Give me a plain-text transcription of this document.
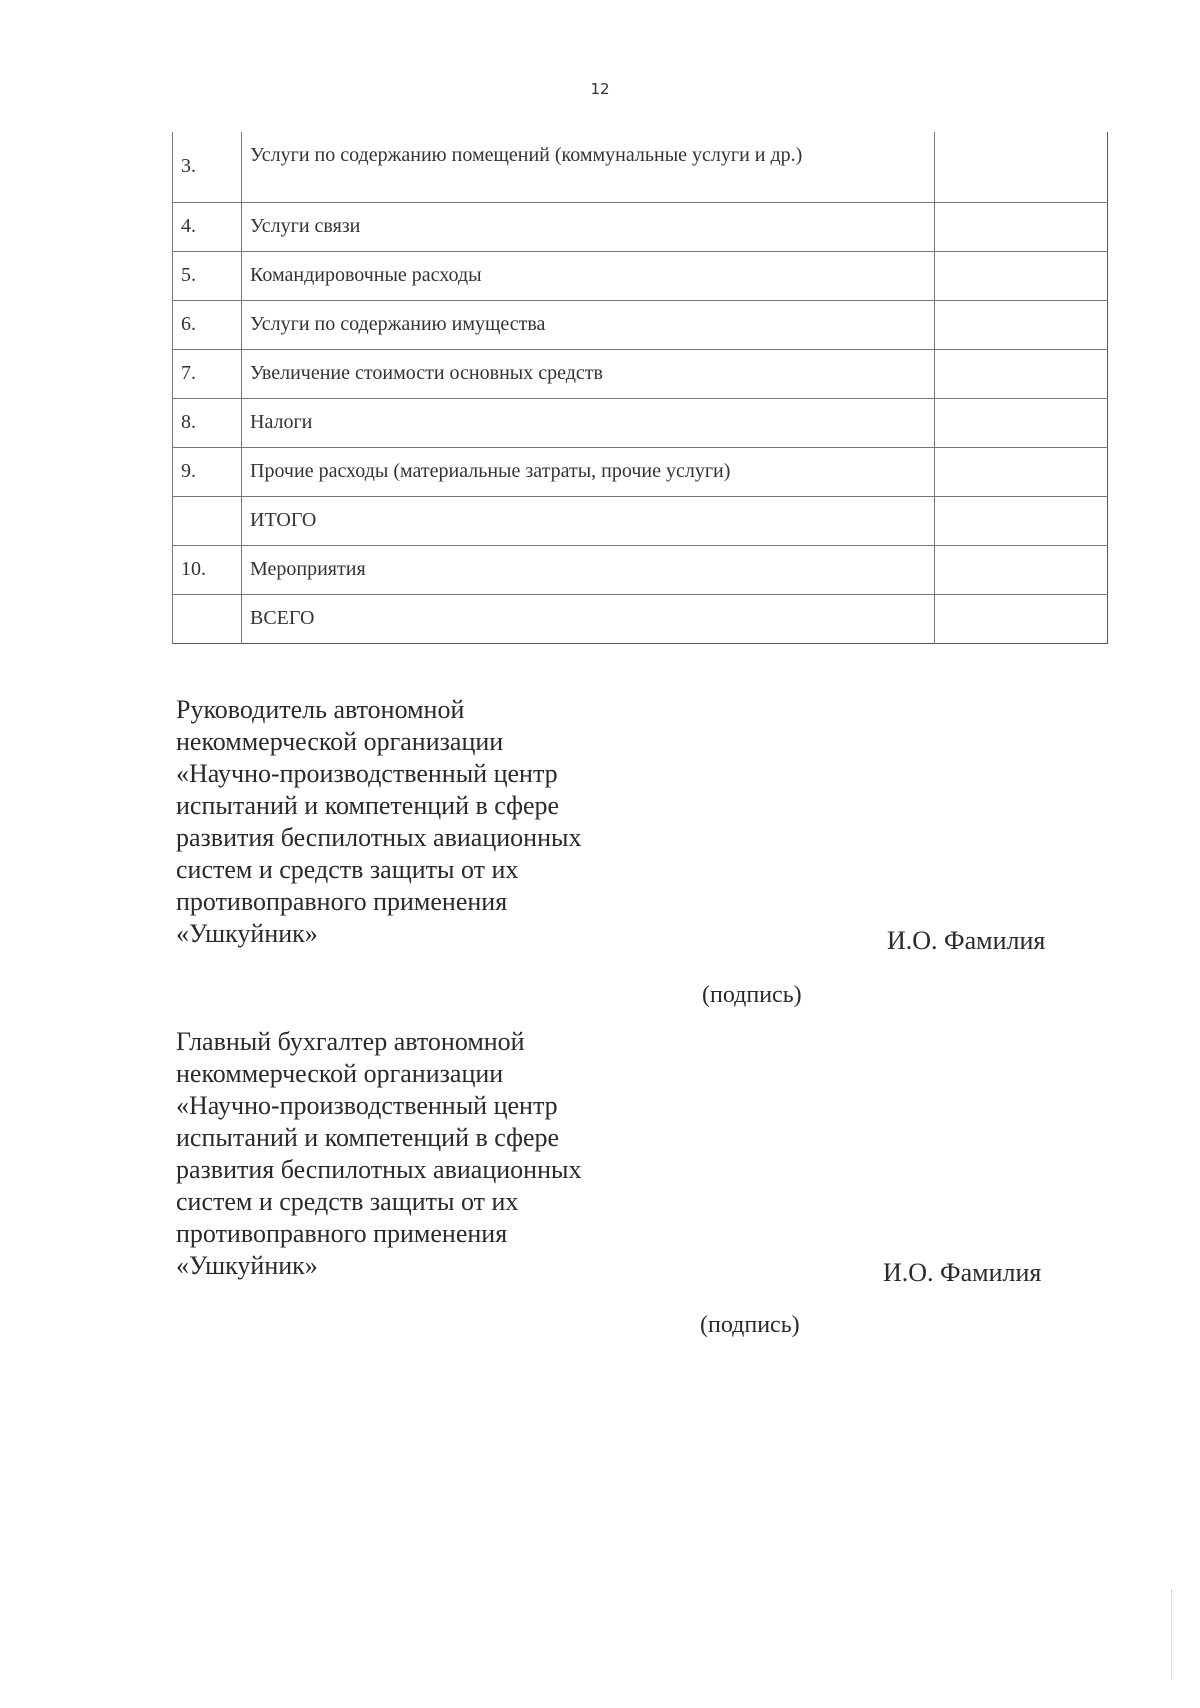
12
3.	Услуги по содержанию помещений (коммунальные услуги и др.)	
4.	Услуги связи	
5.	Командировочные расходы	
6.	Услуги по содержанию имущества	
7.	Увеличение стоимости основных средств	
8.	Налоги	
9.	Прочие расходы (материальные затраты, прочие услуги)	
	ИТОГО	
10.	Мероприятия	
	ВСЕГО	
Руководитель автономной
некоммерческой организации
«Научно-производственный центр
испытаний и компетенций в сфере
развития беспилотных авиационных
систем и средств защиты от их
противоправного применения
«Ушкуйник»	И.О. Фамилия
(подпись)
Главный бухгалтер автономной
некоммерческой организации
«Научно-производственный центр
испытаний и компетенций в сфере
развития беспилотных авиационных
систем и средств защиты от их
противоправного применения
«Ушкуйник»	И.О. Фамилия
(подпись)
